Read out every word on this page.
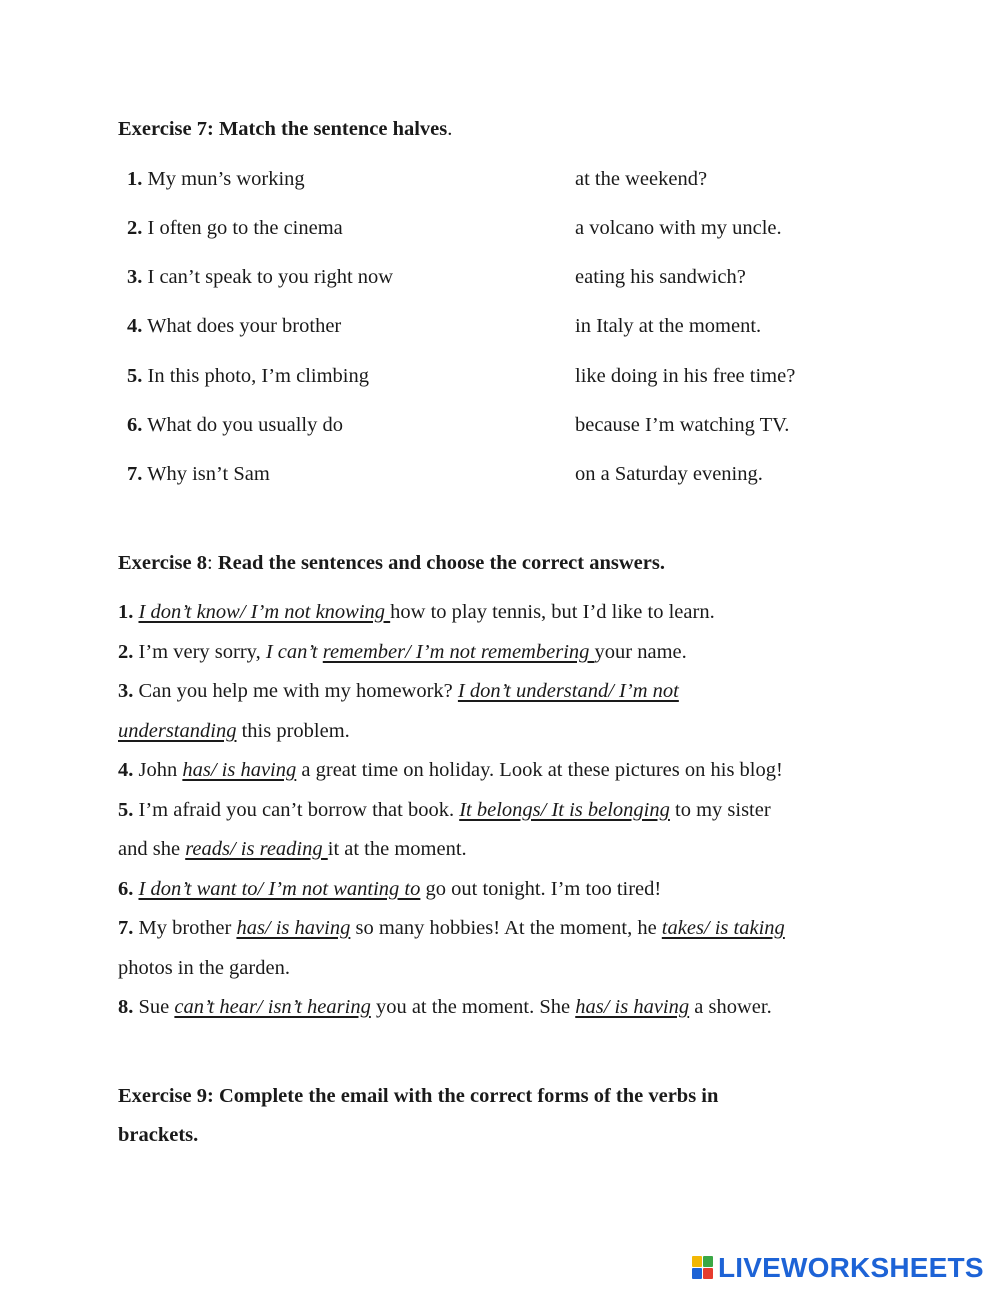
Exercise 7: Match the sentence halves.
1. My mun’s working
2. I often go to the cinema
3. I can’t speak to you right now
4. What does your brother
5. In this photo, I’m climbing
6. What do you usually do
7. Why isn’t Sam
at the weekend?
a volcano with my uncle.
eating his sandwich?
in Italy at the moment.
like doing in his free time?
because I’m watching TV.
on a Saturday evening.
Exercise 8: Read the sentences and choose the correct answers.
1. I don’t know/ I’m not knowing how to play tennis, but I’d like to learn.
2. I’m very sorry, I can’t remember/ I’m not remembering your name.
3. Can you help me with my homework? I don’t understand/ I’m not
understanding this problem.
4. John has/ is having a great time on holiday. Look at these pictures on his blog!
5. I’m afraid you can’t borrow that book. It belongs/ It is belonging to my sister
and she reads/ is reading it at the moment.
6. I don’t want to/ I’m not wanting to go out tonight. I’m too tired!
7. My brother has/ is having so many hobbies! At the moment, he takes/ is taking
photos in the garden.
8. Sue can’t hear/ isn’t hearing you at the moment. She has/ is having a shower.
Exercise 9: Complete the email with the correct forms of the verbs in
brackets.
LIVEWORKSHEETS
